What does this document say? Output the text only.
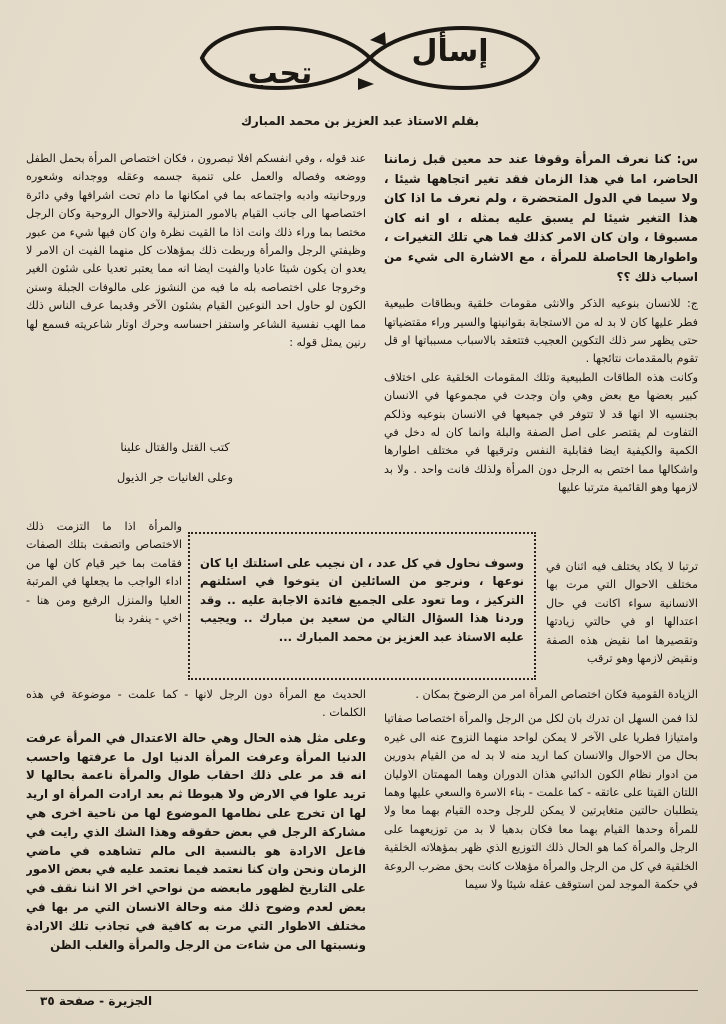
إسأل
تجب
بقلم الاستاذ عبد العزيز بن محمد المبارك

س: كنا نعرف المرأة وقوفا عند حد معين قبل زماننا الحاضر، اما في هذا الزمان فقد تغير اتجاهها شيئا ، ولا سيما في الدول المتحضرة ، ولم نعرف ما اذا كان هذا التغير شيئا لم يسبق عليه بمثله ، او انه كان مسبوقا ، وان كان الامر كذلك فما هي تلك التغيرات ، واطوارها الحاصلة للمرأة ، مع الاشارة الى شيء من اسباب ذلك ؟؟

ج: للانسان بنوعيه الذكر والانثى مقومات خلقية وبطاقات طبيعية فطر عليها كان لا بد له من الاستجابة بقوانينها والسير وراء مقتضياتها حتى يظهر سر ذلك التكوين العجيب فتتعقد بالاسباب مسبباتها او قل تقوم بالمقدمات نتائجها .

وكانت هذه الطاقات الطبيعية وتلك المقومات الخلقية على اختلاف كبير بعضها مع بعض وهي وان وجدت في مجموعها في الانسان بجنسيه الا انها قد لا تتوفر في جميعها في الانسان بنوعيه وذلكم التفاوت لم يقتصر على اصل الصفة والبلة وانما كان له دخل في الكمية والكيفية ايضا فقابلية النفس وترقيها في مختلف اطوارها واشكالها مما اختص به الرجل دون المرأة ولذلك فانت واحد . ولا بد لازمها وهو القائمية مترتبا عليها

ترتبا لا يكاد يختلف فيه اثنان في مختلف الاحوال التي مرت بها الانسانية سواء اكانت في حال اعتدالها او في حالتي زيادتها وتقصيرها اما نقيض هذه الصفة ونقيض لازمها وهو ترقب

الزيادة القومية فكان اختصاص المرأة امر من الرضوخ بمكان .

لذا فمن السهل ان تدرك بان لكل من الرجل والمرأة اختصاصا صفاتيا وامتيازا فطريا على الآخر لا يمكن لواحد منهما النزوح عنه الى غيره بحال من الاحوال والانسان كما اريد منه لا بد له من القيام بدورين من ادوار نظام الكون الدائبي هذان الدوران وهما المهمتان الاوليان اللتان القيتا على عاتقه - كما علمت - بناء الاسرة والسعي عليها وهما يتطلبان حالتين متغايرتين لا يمكن للرجل وحده القيام بهما معا ولا للمرأة وحدها القيام بهما معا فكان بدهيا لا بد من توزيعهما على الرجل والمرأة كما هو الحال ذلك التوزيع الذي ظهر بمؤهلاته الخلقية الخلقية في كل من الرجل والمرأة مؤهلات كانت بحق مضرب الروعة في حكمة الموجد لمن استوقف عقله شيئا ولا سيما

عند قوله ، وفي انفسكم افلا تبصرون ، فكان اختصاص المرأة بحمل الطفل ووضعه وفصاله والعمل على تنمية جسمه وعقله ووجدانه وشعوره وروحانيته وادبه واجتماعه بما في امكانها ما دام تحت اشرافها وفي دائرة اختصاصها الى جانب القيام بالامور المنزلية والاحوال الروحية وكان الرجل مختصا بما وراء ذلك وانت اذا ما القيت نظرة وان كان فيها شيء من عبور وظيفتي الرجل والمرأة وربطت ذلك بمؤهلات كل منهما الفيت ان الامر لا يعدو ان يكون شيئا عاديا والفيت ايضا انه مما يعتبر تعديا على شئون الغير وخروجا على اختصاصه بله ما فيه من النشوز على مالوفات الجبلة وسنن الكون لو حاول احد النوعين القيام بشئون الآخر وقديما عرف الناس ذلك مما الهب نفسية الشاعر واستفز احساسه وحرك اوتار شاعريته فسمع لها رنين يمثل قوله :

كتب القتل والقتال علينا
وعلى الغانيات جر الذيول

والمرأة اذا ما التزمت ذلك الاختصاص واتصفت بتلك الصفات فقامت بما خير قيام كان لها من اداء الواجب ما يجعلها في المرتبة العليا والمنزل الرفيع ومن هنا - اخي - ينفرد بنا

وسوف نحاول في كل عدد ، ان نجيب على اسئلتك ايا كان نوعها ، ونرجو من السائلين ان يتوخوا في اسئلتهم التركيز ، وما تعود على الجميع فائدة الاجابة عليه .. وقد وردنا هذا السؤال التالي من سعيد بن مبارك .. ويجيب عليه الاستاذ عبد العزيز بن محمد المبارك ...

الحديث مع المرأة دون الرجل لانها - كما علمت - موضوعة في هذه الكلمات .

وعلى مثل هذه الحال وهي حالة الاعتدال في المرأة عرفت الدنيا المرأة وعرفت المرأة الدنيا اول ما عرفتها واحسب انه قد مر على ذلك احقاب طوال والمرأة ناعمة بحالها لا تريد علوا في الارض ولا هبوطا ثم بعد ارادت المرأة او اريد لها ان تخرج على نظامها الموضوع لها من ناحية اخرى هي مشاركة الرجل في بعض حقوقه وهذا الشك الذي رايت في فاعل الارادة هو بالنسبة الى مالم تشاهده في ماضي الزمان ونحن وان كنا نعتمد فيما نعتمد عليه في بعض الامور على التاريخ لظهور مابعضه من نواحي اخر الا اننا نقف في بعض لعدم وضوح ذلك منه وحالة الانسان التي مر بها في مختلف الاطوار التي مرت به كافية في تجاذب تلك الارادة ونسبتها الى من شاءت من الرجل والمرأة والغلب الظن

الجزيرة - صفحة ٣٥
